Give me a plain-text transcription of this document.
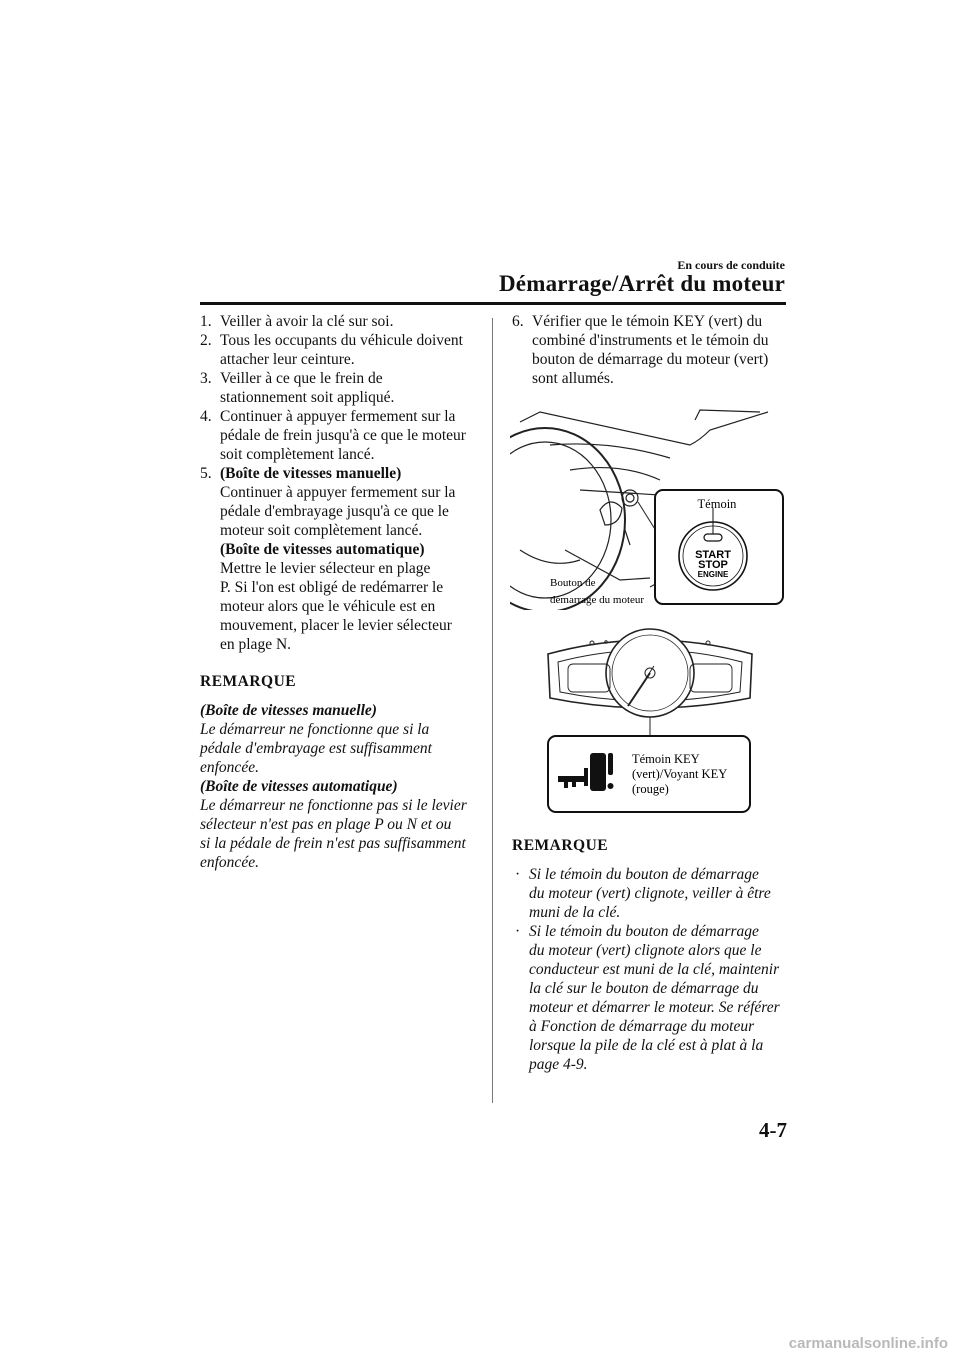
En cours de conduite
Démarrage/Arrêt du moteur
1. Veiller à avoir la clé sur soi.
2. Tous les occupants du véhicule doivent
attacher leur ceinture.
3. Veiller à ce que le frein de
stationnement soit appliqué.
4. Continuer à appuyer fermement sur la
pédale de frein jusqu'à ce que le moteur
soit complètement lancé.
5. (Boîte de vitesses manuelle)
Continuer à appuyer fermement sur la
pédale d'embrayage jusqu'à ce que le
moteur soit complètement lancé.
(Boîte de vitesses automatique)
Mettre le levier sélecteur en plage
P. Si l'on est obligé de redémarrer le
moteur alors que le véhicule est en
mouvement, placer le levier sélecteur
en plage N.
REMARQUE
(Boîte de vitesses manuelle)
Le démarreur ne fonctionne que si la
pédale d'embrayage est suffisamment
enfoncée.
(Boîte de vitesses automatique)
Le démarreur ne fonctionne pas si le levier
sélecteur n'est pas en plage P ou N et ou
si la pédale de frein n'est pas suffisamment
enfoncée.
6. Vérifier que le témoin KEY (vert) du
combiné d'instruments et le témoin du
bouton de démarrage du moteur (vert)
sont allumés.
Témoin
START
STOP
ENGINE
Bouton de
démarrage du moteur
Témoin KEY
(vert)/Voyant KEY
(rouge)
REMARQUE
· Si le témoin du bouton de démarrage
du moteur (vert) clignote, veiller à être
muni de la clé.
· Si le témoin du bouton de démarrage
du moteur (vert) clignote alors que le
conducteur est muni de la clé, maintenir
la clé sur le bouton de démarrage du
moteur et démarrer le moteur. Se référer
à Fonction de démarrage du moteur
lorsque la pile de la clé est à plat à la
page 4-9.
4-7
carmanualsonline.info
